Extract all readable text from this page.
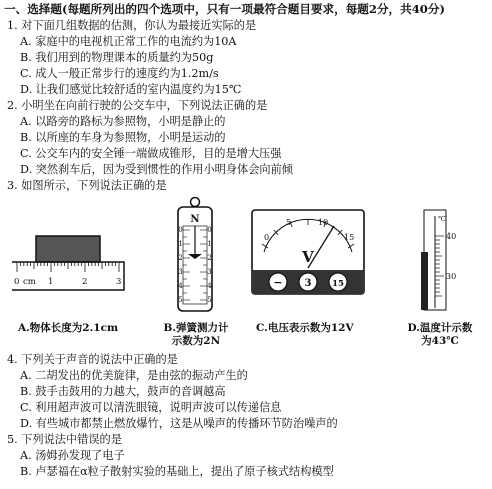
一、选择题(每题所列出的四个选项中，只有一项最符合题目要求，每题2分，共40分)
1. 对下面几组数据的估测，你认为最接近实际的是
A. 家庭中的电视机正常工作的电流约为10A
B. 我们用到的物理课本的质量约为50g
C. 成人一般正常步行的速度约为1.2m/s
D. 让我们感觉比较舒适的室内温度约为15℃
2. 小明坐在向前行驶的公交车中，下列说法正确的是
A. 以路旁的路标为参照物，小明是静止的
B. 以所座的车身为参照物，小明是运动的
C. 公交车内的安全锤一端做成锥形，目的是增大压强
D. 突然刹车后，因为受到惯性的作用小明身体会向前倾
3. 如图所示，下列说法正确的是
0 cm 1	2	3
A.物体长度为2.1cm
N
0
1
2
3
4
5
0
1
2
3
4
5
B.弹簧测力计
示数为2N
0
5	10
15
V
− 3 15
C.电压表示数为12V
℃
40
30
D.温度计示数
为43℃
4. 下列关于声音的说法中正确的是
A. 二胡发出的优美旋律，是由弦的振动产生的
B. 鼓手击鼓用的力越大，鼓声的音调越高
C. 利用超声波可以清洗眼镜，说明声波可以传递信息
D. 有些城市都禁止燃放爆竹，这是从噪声的传播环节防治噪声的
5. 下列说法中错误的是
A. 汤姆孙发现了电子
B. 卢瑟福在α粒子散射实验的基础上，提出了原子核式结构模型
